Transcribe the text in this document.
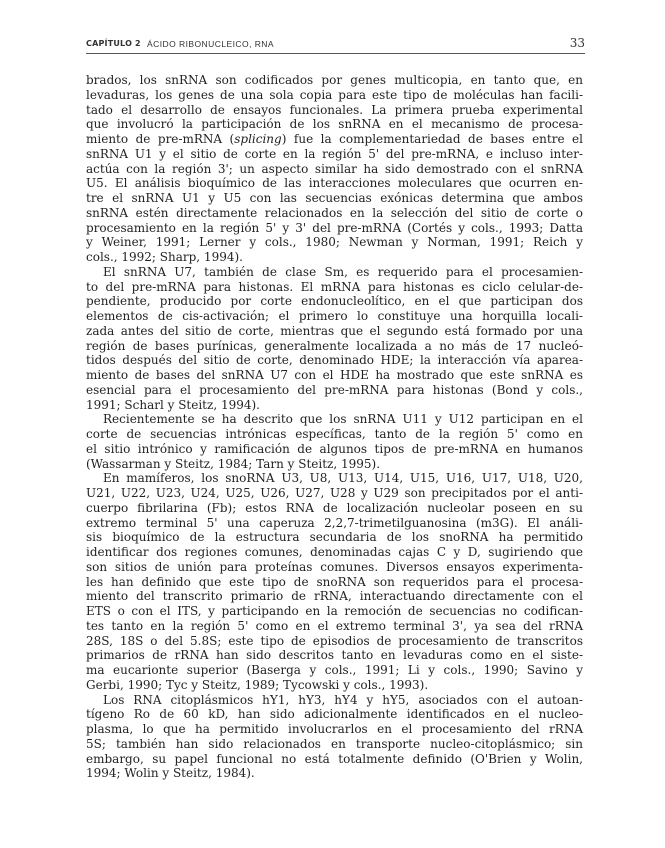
CAPÍTULO 2 ÁCIDO RIBONUCLEICO, RNA	33
brados, los snRNA son codificados por genes multicopia, en tanto que, en
levaduras, los genes de una sola copia para este tipo de moléculas han facili-
tado el desarrollo de ensayos funcionales. La primera prueba experimental
que involucró la participación de los snRNA en el mecanismo de procesa-
miento de pre-mRNA (splicing) fue la complementariedad de bases entre el
snRNA U1 y el sitio de corte en la región 5' del pre-mRNA, e incluso inter-
actúa con la región 3'; un aspecto similar ha sido demostrado con el snRNA
U5. El análisis bioquímico de las interacciones moleculares que ocurren en-
tre el snRNA U1 y U5 con las secuencias exónicas determina que ambos
snRNA estén directamente relacionados en la selección del sitio de corte o
procesamiento en la región 5' y 3' del pre-mRNA (Cortés y cols., 1993; Datta
y Weiner, 1991; Lerner y cols., 1980; Newman y Norman, 1991; Reich y
cols., 1992; Sharp, 1994).
El snRNA U7, también de clase Sm, es requerido para el procesamien-
to del pre-mRNA para histonas. El mRNA para histonas es ciclo celular-de-
pendiente, producido por corte endonucleolítico, en el que participan dos
elementos de cis-activación; el primero lo constituye una horquilla locali-
zada antes del sitio de corte, mientras que el segundo está formado por una
región de bases purínicas, generalmente localizada a no más de 17 nucleó-
tidos después del sitio de corte, denominado HDE; la interacción vía aparea-
miento de bases del snRNA U7 con el HDE ha mostrado que este snRNA es
esencial para el procesamiento del pre-mRNA para histonas (Bond y cols.,
1991; Scharl y Steitz, 1994).
Recientemente se ha descrito que los snRNA U11 y U12 participan en el
corte de secuencias intrónicas específicas, tanto de la región 5' como en
el sitio intrónico y ramificación de algunos tipos de pre-mRNA en humanos
(Wassarman y Steitz, 1984; Tarn y Steitz, 1995).
En mamíferos, los snoRNA U3, U8, U13, U14, U15, U16, U17, U18, U20,
U21, U22, U23, U24, U25, U26, U27, U28 y U29 son precipitados por el anti-
cuerpo fibrilarina (Fb); estos RNA de localización nucleolar poseen en su
extremo terminal 5' una caperuza 2,2,7-trimetilguanosina (m3G). El análi-
sis bioquímico de la estructura secundaria de los snoRNA ha permitido
identificar dos regiones comunes, denominadas cajas C y D, sugiriendo que
son sitios de unión para proteínas comunes. Diversos ensayos experimenta-
les han definido que este tipo de snoRNA son requeridos para el procesa-
miento del transcrito primario de rRNA, interactuando directamente con el
ETS o con el ITS, y participando en la remoción de secuencias no codifican-
tes tanto en la región 5' como en el extremo terminal 3', ya sea del rRNA
28S, 18S o del 5.8S; este tipo de episodios de procesamiento de transcritos
primarios de rRNA han sido descritos tanto en levaduras como en el siste-
ma eucarionte superior (Baserga y cols., 1991; Li y cols., 1990; Savino y
Gerbi, 1990; Tyc y Steitz, 1989; Tycowski y cols., 1993).
Los RNA citoplásmicos hY1, hY3, hY4 y hY5, asociados con el autoan-
tígeno Ro de 60 kD, han sido adicionalmente identificados en el nucleo-
plasma, lo que ha permitido involucrarlos en el procesamiento del rRNA
5S; también han sido relacionados en transporte nucleo-citoplásmico; sin
embargo, su papel funcional no está totalmente definido (O'Brien y Wolin,
1994; Wolin y Steitz, 1984).
